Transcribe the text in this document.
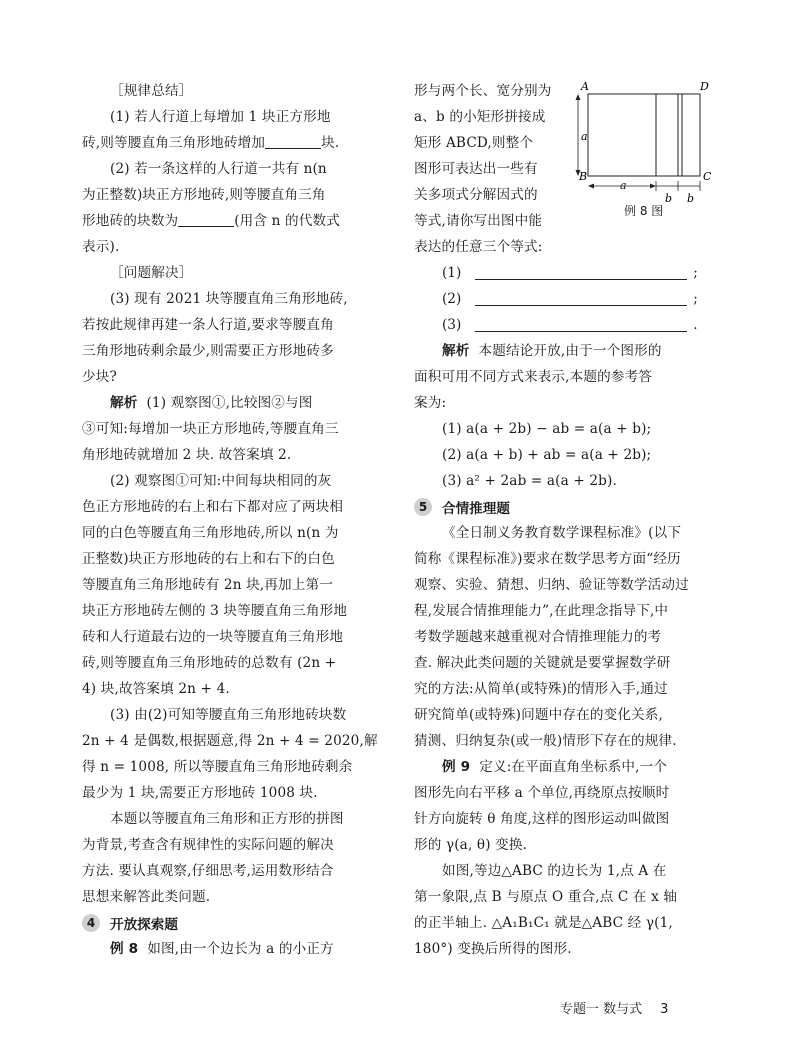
［规律总结］

(1) 若人行道上每增加 1 块正方形地

砖,则等腰直角三角形地砖增加	块.

(2) 若一条这样的人行道一共有 n(n

为正整数)块正方形地砖,则等腰直角三角

形地砖的块数为	(用含 n 的代数式

表示).

［问题解决］

(3) 现有 2021 块等腰直角三角形地砖,

若按此规律再建一条人行道,要求等腰直角

三角形地砖剩余最少,则需要正方形地砖多

少块?

解析 (1) 观察图①,比较图②与图

③可知:每增加一块正方形地砖,等腰直角三

角形地砖就增加 2 块. 故答案填 2.

(2) 观察图①可知:中间每块相同的灰

色正方形地砖的右上和右下都对应了两块相

同的白色等腰直角三角形地砖,所以 n(n 为

正整数)块正方形地砖的右上和右下的白色

等腰直角三角形地砖有 2n 块,再加上第一

块正方形地砖左侧的 3 块等腰直角三角形地

砖和人行道最右边的一块等腰直角三角形地

砖,则等腰直角三角形地砖的总数有 (2n +

4) 块,故答案填 2n + 4.

(3) 由(2)可知等腰直角三角形地砖块数

2n + 4 是偶数,根据题意,得 2n + 4 = 2020,解

得 n = 1008, 所以等腰直角三角形地砖剩余

最少为 1 块,需要正方形地砖 1008 块.

本题以等腰直角三角形和正方形的拼图

为背景,考查含有规律性的实际问题的解决

方法. 要认真观察,仔细思考,运用数形结合

思想来解答此类问题.

4	开放探索题

例 8 如图,由一个边长为 a 的小正方

形与两个长、宽分别为

a、b 的小矩形拼接成

矩形 ABCD,则整个

图形可表达出一些有

关多项式分解因式的

等式,请你写出图中能

A	D
B	C
a
a
b b
例 8 图

表达的任意三个等式:

(1)	;
(2)	;
(3)	.

解析 本题结论开放,由于一个图形的

面积可用不同方式来表示,本题的参考答

案为:

(1) a(a + 2b) − ab = a(a + b);

(2) a(a + b) + ab = a(a + 2b);

(3) a² + 2ab = a(a + 2b).

5	合情推理题

《全日制义务教育数学课程标准》(以下

简称《课程标准》)要求在数学思考方面“经历

观察、实验、猜想、归纳、验证等数学活动过

程,发展合情推理能力”,在此理念指导下,中

考数学题越来越重视对合情推理能力的考

查. 解决此类问题的关键就是要掌握数学研

究的方法:从简单(或特殊)的情形入手,通过

研究简单(或特殊)问题中存在的变化关系,

猜测、归纳复杂(或一般)情形下存在的规律.

例 9 定义:在平面直角坐标系中,一个

图形先向右平移 a 个单位,再绕原点按顺时

针方向旋转 θ 角度,这样的图形运动叫做图

形的 γ(a, θ) 变换.

如图,等边△ABC 的边长为 1,点 A 在

第一象限,点 B 与原点 O 重合,点 C 在 x 轴

的正半轴上. △A₁B₁C₁ 就是△ABC 经 γ(1,

180°) 变换后所得的图形.

专题一 数与式 3
